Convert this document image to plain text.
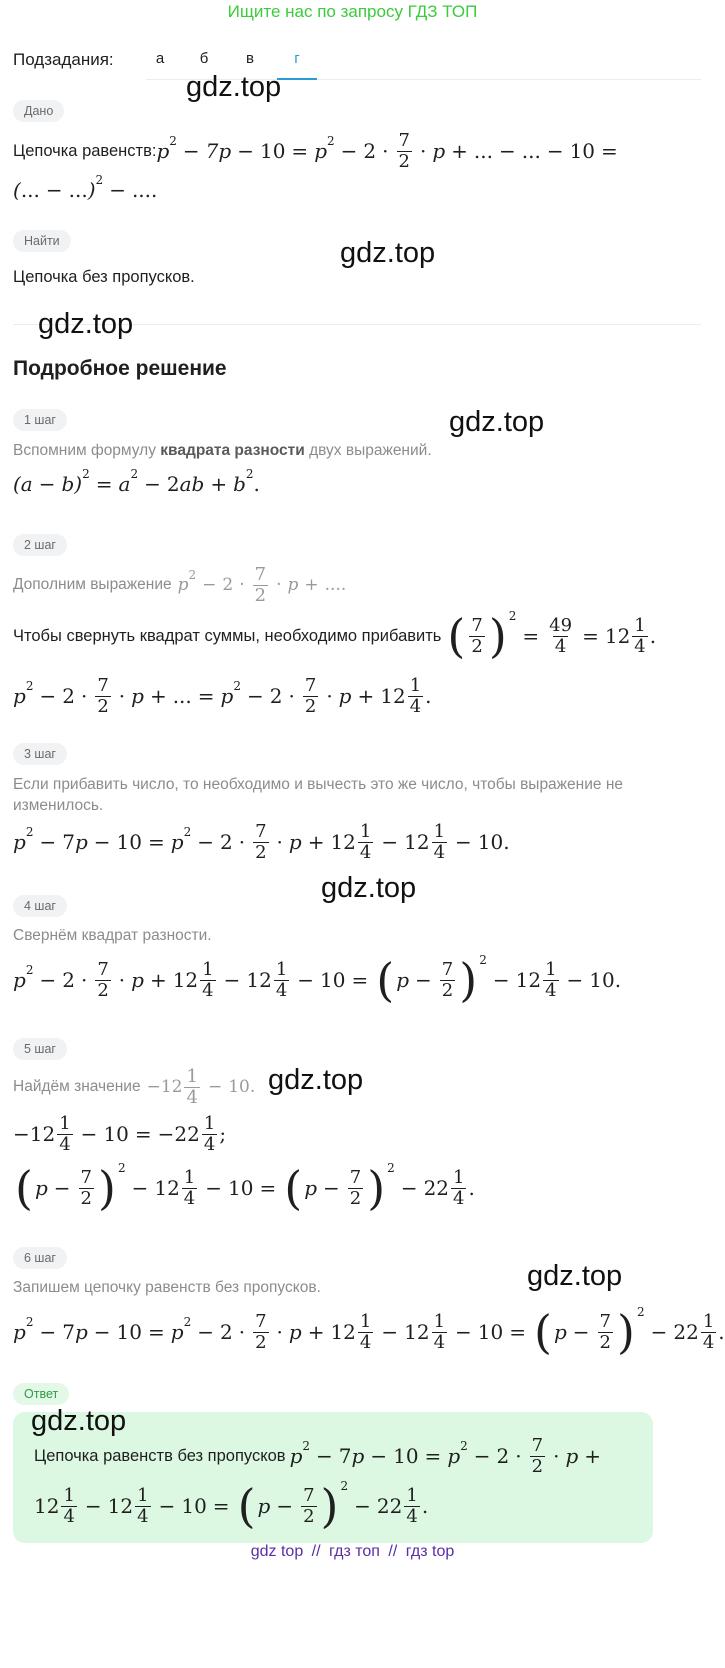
Ищите нас по запросу ГДЗ ТОП
Подзадания:	а	б	в	г
Дано
Цепочка равенств: p 2 − 7p − 10 = p $2 - 2 \cdot \frac{7}{2} \cdot p$ + ... − ... − 10 =
( ... − ... ) 2 − ....
Найти
Цепочка без пропусков.
Подробное решение
1 шаг
Вспомним формулу квадрата разности двух выражений.
(a − b) 2 = a 2 − 2 ab + b 2 .
2 шаг
Дополним выражение p $2 - 2 \cdot \frac{7}{2} \cdot p$ + ....
Чтобы свернуть квадрат суммы, необходимо прибавить ( $\frac{7}{2}$ ) 2
= $\frac{49}{4} = 12 \frac{1}{4}$ .
p $2 - 2 \cdot \frac{7}{2} \cdot p$ + ... = p $2 - 2 \cdot \frac{7}{2} \cdot p + 12 \frac{1}{4}$ .
3 шаг
Если прибавить число, то необходимо и вычесть это же число, чтобы выражение не изменилось.
p 2 − 7 p − 10 = p $2 - 2 \cdot \frac{7}{2} \cdot p + 12 \frac{1}{4} - 12 \frac{1}{4} - 10$.
4 шаг
Свернём квадрат разности.
p $2 - 2 \cdot \frac{7}{2} \cdot p + 12 \frac{1}{4} - 12 \frac{1}{4} - 10$ = ( $p - \frac{7}{2}$ ) 2
− $12 \frac{1}{4} - 10$.
5 шаг
Найдём значение $-12 \frac{1}{4} - 10$.
$-12 \frac{1}{4} - 10 = -22 \frac{1}{4}$ ;
( $p - \frac{7}{2}$ ) 2
− $12 \frac{1}{4} - 10$ = ( $p - \frac{7}{2}$ ) 2
− $22 \frac{1}{4}$ .
6 шаг
Запишем цепочку равенств без пропусков.
p 2 − 7 p − 10 = p $2 - 2 \cdot \frac{7}{2} \cdot p + 12 \frac{1}{4} - 12 \frac{1}{4} - 10$ = ( $p - \frac{7}{2}$ ) 2
− $22 \frac{1}{4}$ .
Ответ
Цепочка равенств без пропусков p 2 − 7 p − 10 = p $2 - 2 \cdot \frac{7}{2} \cdot p$ +
$12 \frac{1}{4} - 12 \frac{1}{4} - 10$ = ( $p - \frac{7}{2}$ ) 2
− $22 \frac{1}{4}$ .
gdz.top
gdz.top
gdz.top
gdz.top
gdz.top
gdz.top
gdz.top
gdz.top
gdz top // гдз топ // гдз top
